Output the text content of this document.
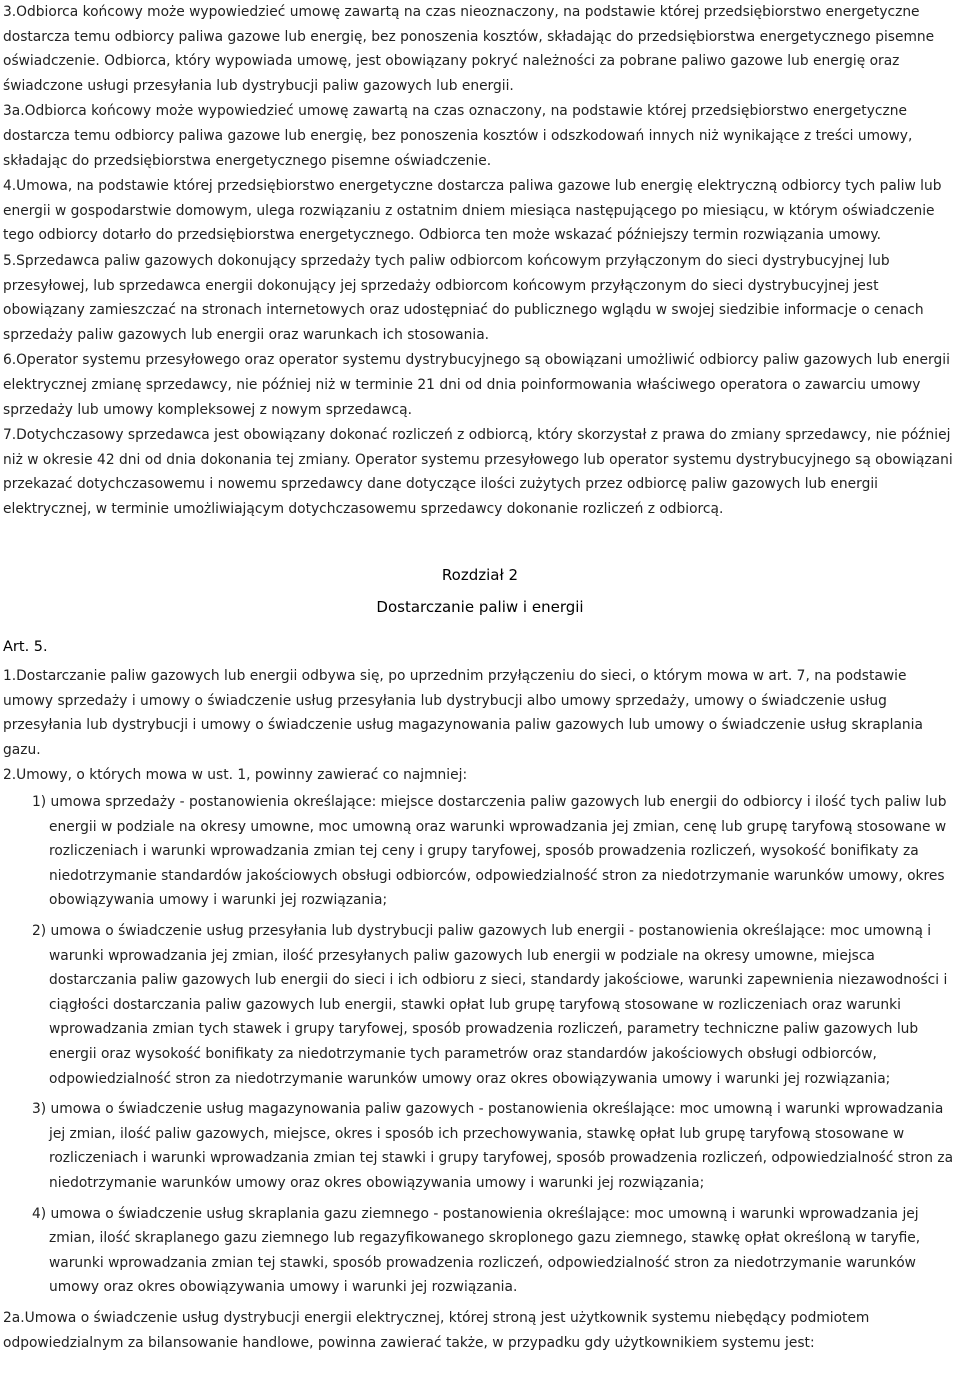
3.Odbiorca końcowy może wypowiedzieć umowę zawartą na czas nieoznaczony, na podstawie której przedsiębiorstwo energetyczne dostarcza temu odbiorcy paliwa gazowe lub energię, bez ponoszenia kosztów, składając do przedsiębiorstwa energetycznego pisemne oświadczenie. Odbiorca, który wypowiada umowę, jest obowiązany pokryć należności za pobrane paliwo gazowe lub energię oraz świadczone usługi przesyłania lub dystrybucji paliw gazowych lub energii.

3a.Odbiorca końcowy może wypowiedzieć umowę zawartą na czas oznaczony, na podstawie której przedsiębiorstwo energetyczne dostarcza temu odbiorcy paliwa gazowe lub energię, bez ponoszenia kosztów i odszkodowań innych niż wynikające z treści umowy, składając do przedsiębiorstwa energetycznego pisemne oświadczenie.

4.Umowa, na podstawie której przedsiębiorstwo energetyczne dostarcza paliwa gazowe lub energię elektryczną odbiorcy tych paliw lub energii w gospodarstwie domowym, ulega rozwiązaniu z ostatnim dniem miesiąca następującego po miesiącu, w którym oświadczenie tego odbiorcy dotarło do przedsiębiorstwa energetycznego. Odbiorca ten może wskazać późniejszy termin rozwiązania umowy.

5.Sprzedawca paliw gazowych dokonujący sprzedaży tych paliw odbiorcom końcowym przyłączonym do sieci dystrybucyjnej lub przesyłowej, lub sprzedawca energii dokonujący jej sprzedaży odbiorcom końcowym przyłączonym do sieci dystrybucyjnej jest obowiązany zamieszczać na stronach internetowych oraz udostępniać do publicznego wglądu w swojej siedzibie informacje o cenach sprzedaży paliw gazowych lub energii oraz warunkach ich stosowania.

6.Operator systemu przesyłowego oraz operator systemu dystrybucyjnego są obowiązani umożliwić odbiorcy paliw gazowych lub energii elektrycznej zmianę sprzedawcy, nie później niż w terminie 21 dni od dnia poinformowania właściwego operatora o zawarciu umowy sprzedaży lub umowy kompleksowej z nowym sprzedawcą.

7.Dotychczasowy sprzedawca jest obowiązany dokonać rozliczeń z odbiorcą, który skorzystał z prawa do zmiany sprzedawcy, nie później niż w okresie 42 dni od dnia dokonania tej zmiany. Operator systemu przesyłowego lub operator systemu dystrybucyjnego są obowiązani przekazać dotychczasowemu i nowemu sprzedawcy dane dotyczące ilości zużytych przez odbiorcę paliw gazowych lub energii elektrycznej, w terminie umożliwiającym dotychczasowemu sprzedawcy dokonanie rozliczeń z odbiorcą.

Rozdział 2
Dostarczanie paliw i energii
Art. 5.

1.Dostarczanie paliw gazowych lub energii odbywa się, po uprzednim przyłączeniu do sieci, o którym mowa w art. 7, na podstawie umowy sprzedaży i umowy o świadczenie usług przesyłania lub dystrybucji albo umowy sprzedaży, umowy o świadczenie usług przesyłania lub dystrybucji i umowy o świadczenie usług magazynowania paliw gazowych lub umowy o świadczenie usług skraplania gazu.

2.Umowy, o których mowa w ust. 1, powinny zawierać co najmniej:

1) umowa sprzedaży - postanowienia określające: miejsce dostarczenia paliw gazowych lub energii do odbiorcy i ilość tych paliw lub energii w podziale na okresy umowne, moc umowną oraz warunki wprowadzania jej zmian, cenę lub grupę taryfową stosowane w rozliczeniach i warunki wprowadzania zmian tej ceny i grupy taryfowej, sposób prowadzenia rozliczeń, wysokość bonifikaty za niedotrzymanie standardów jakościowych obsługi odbiorców, odpowiedzialność stron za niedotrzymanie warunków umowy, okres obowiązywania umowy i warunki jej rozwiązania;
2) umowa o świadczenie usług przesyłania lub dystrybucji paliw gazowych lub energii - postanowienia określające: moc umowną i warunki wprowadzania jej zmian, ilość przesyłanych paliw gazowych lub energii w podziale na okresy umowne, miejsca dostarczania paliw gazowych lub energii do sieci i ich odbioru z sieci, standardy jakościowe, warunki zapewnienia niezawodności i ciągłości dostarczania paliw gazowych lub energii, stawki opłat lub grupę taryfową stosowane w rozliczeniach oraz warunki wprowadzania zmian tych stawek i grupy taryfowej, sposób prowadzenia rozliczeń, parametry techniczne paliw gazowych lub energii oraz wysokość bonifikaty za niedotrzymanie tych parametrów oraz standardów jakościowych obsługi odbiorców, odpowiedzialność stron za niedotrzymanie warunków umowy oraz okres obowiązywania umowy i warunki jej rozwiązania;
3) umowa o świadczenie usług magazynowania paliw gazowych - postanowienia określające: moc umowną i warunki wprowadzania jej zmian, ilość paliw gazowych, miejsce, okres i sposób ich przechowywania, stawkę opłat lub grupę taryfową stosowane w rozliczeniach i warunki wprowadzania zmian tej stawki i grupy taryfowej, sposób prowadzenia rozliczeń, odpowiedzialność stron za niedotrzymanie warunków umowy oraz okres obowiązywania umowy i warunki jej rozwiązania;
4) umowa o świadczenie usług skraplania gazu ziemnego - postanowienia określające: moc umowną i warunki wprowadzania jej zmian, ilość skraplanego gazu ziemnego lub regazyfikowanego skroplonego gazu ziemnego, stawkę opłat określoną w taryfie, warunki wprowadzania zmian tej stawki, sposób prowadzenia rozliczeń, odpowiedzialność stron za niedotrzymanie warunków umowy oraz okres obowiązywania umowy i warunki jej rozwiązania.

2a.Umowa o świadczenie usług dystrybucji energii elektrycznej, której stroną jest użytkownik systemu niebędący podmiotem odpowiedzialnym za bilansowanie handlowe, powinna zawierać także, w przypadku gdy użytkownikiem systemu jest:
